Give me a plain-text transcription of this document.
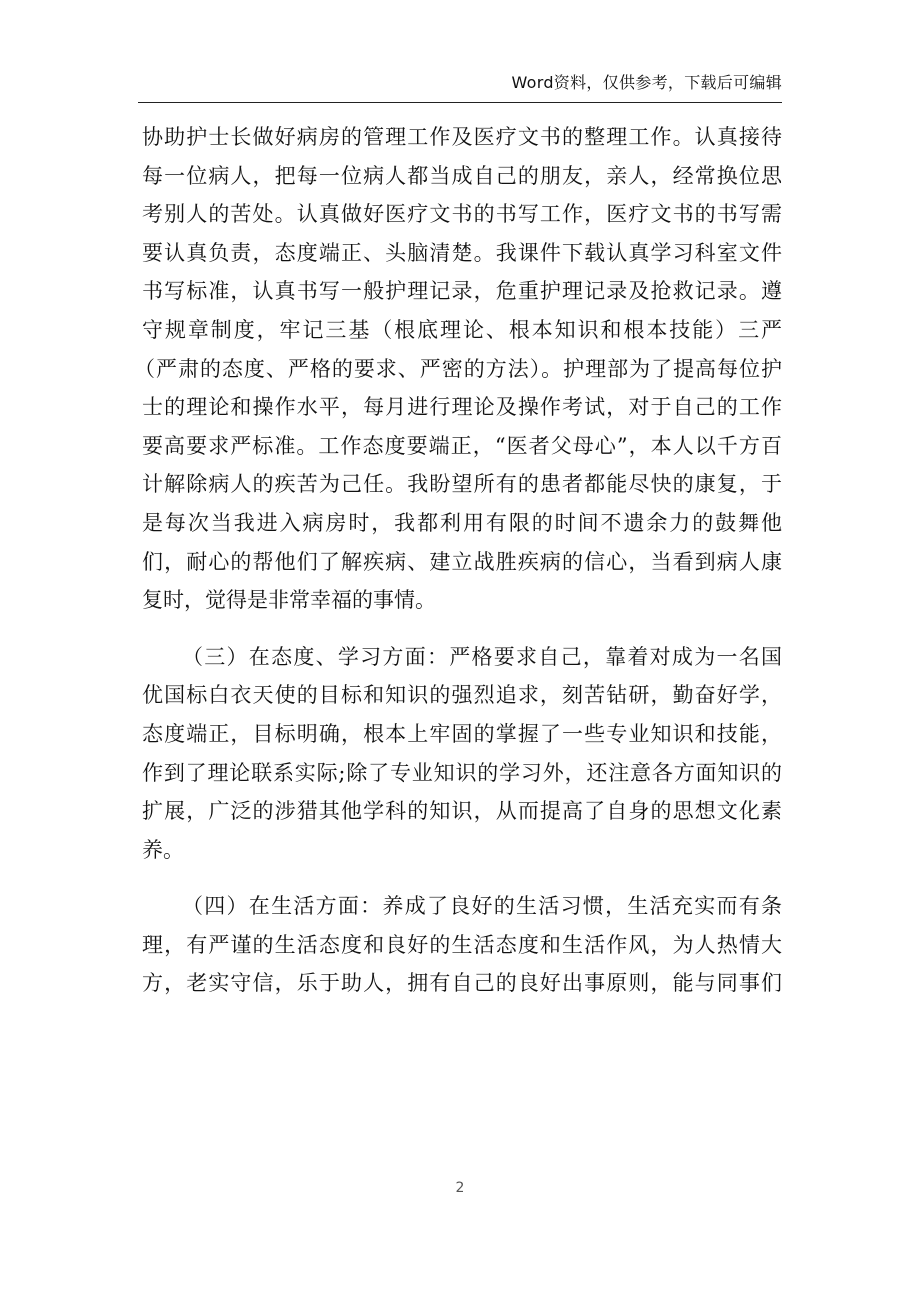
Word资料，仅供参考，下载后可编辑
协助护士长做好病房的管理工作及医疗文书的整理工作。认真接待
每一位病人，把每一位病人都当成自己的朋友，亲人，经常换位思
考别人的苦处。认真做好医疗文书的书写工作，医疗文书的书写需
要认真负责，态度端正、头脑清楚。我课件下载认真学习科室文件
书写标准，认真书写一般护理记录，危重护理记录及抢救记录。遵
守规章制度，牢记三基（根底理论、根本知识和根本技能）三严
（严肃的态度、严格的要求、严密的方法）。护理部为了提高每位护
士的理论和操作水平，每月进行理论及操作考试，对于自己的工作
要高要求严标准。工作态度要端正，“医者父母心”，本人以千方百
计解除病人的疾苦为己任。我盼望所有的患者都能尽快的康复，于
是每次当我进入病房时，我都利用有限的时间不遗余力的鼓舞他
们，耐心的帮他们了解疾病、建立战胜疾病的信心，当看到病人康
复时，觉得是非常幸福的事情。
（三）在态度、学习方面：严格要求自己，靠着对成为一名国
优国标白衣天使的目标和知识的强烈追求，刻苦钻研，勤奋好学，
态度端正，目标明确，根本上牢固的掌握了一些专业知识和技能，
作到了理论联系实际;除了专业知识的学习外，还注意各方面知识的
扩展，广泛的涉猎其他学科的知识，从而提高了自身的思想文化素
养。
（四）在生活方面：养成了良好的生活习惯，生活充实而有条
理，有严谨的生活态度和良好的生活态度和生活作风，为人热情大
方，老实守信，乐于助人，拥有自己的良好出事原则，能与同事们
2
